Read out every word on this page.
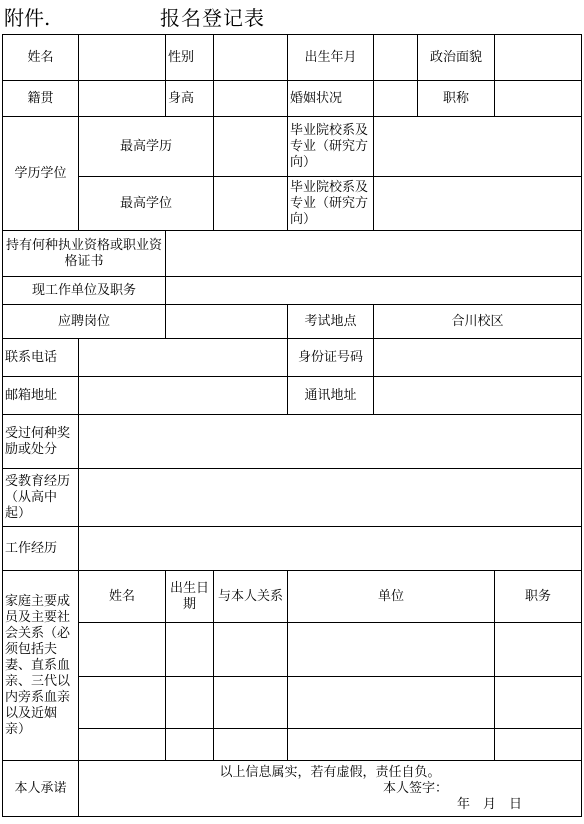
附件.	报名登记表
姓名		性别		出生年月		政治面貌	
籍贯		身高		婚姻状况		职称	
学历学位	最高学历			毕业院校系及专业（研究方向）			
	最高学位			毕业院校系及专业（研究方向）			
持有何种执业资格或职业资格证书							
现工作单位及职务							
应聘岗位				考试地点	合川校区		
联系电话				身份证号码			
邮箱地址				通讯地址			
受过何种奖励或处分							
受教育经历（从高中起）							
工作经历							
家庭主要成员及主要社会关系（必须包括夫妻、直系血亲、三代以内旁系血亲以及近姻亲）	姓名	出生日期	与本人关系	单位			职务

本人承诺	以上信息属实，若有虚假，责任自负。
本人签字：
年　月　日						
